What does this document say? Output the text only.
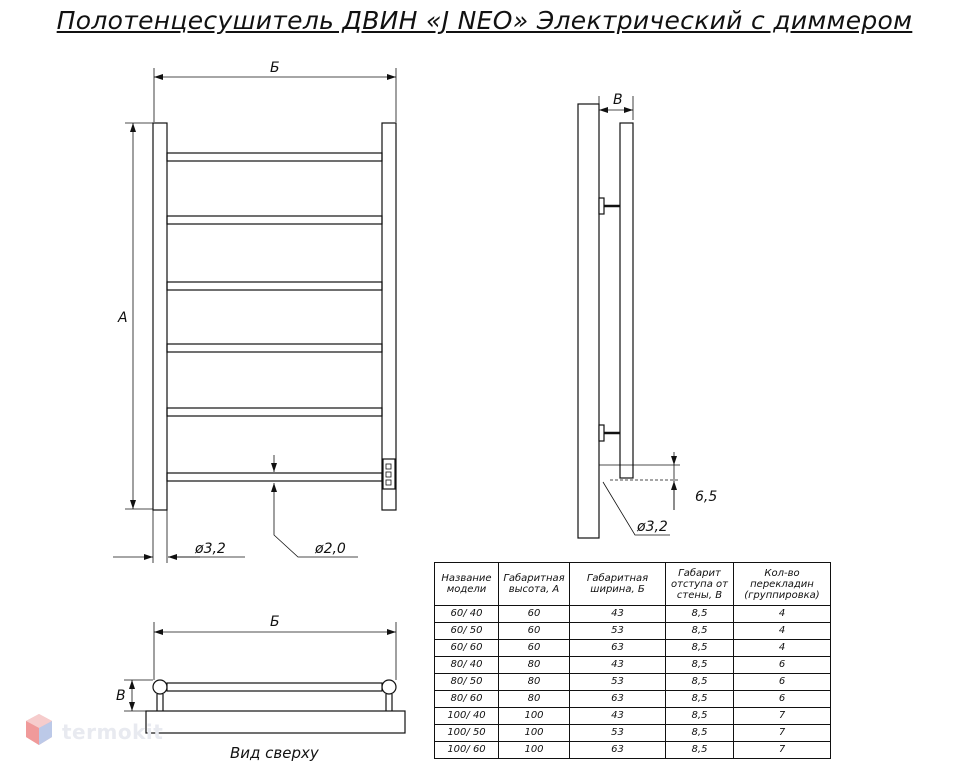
Полотенцесушитель ДВИН «J NEO» Электрический с диммером
Б
А
ø3,2	ø2,0
В
6,5
ø3,2
Б
В
Вид сверху
termokit
Название модели	Габаритная высота, А	Габаритная ширина, Б	Габарит отступа от стены, В	Кол-во перекладин (группировка)
60/ 40	60	43	8,5	4
60/ 50	60	53	8,5	4
60/ 60	60	63	8,5	4
80/ 40	80	43	8,5	6
80/ 50	80	53	8,5	6
80/ 60	80	63	8,5	6
100/ 40	100	43	8,5	7
100/ 50	100	53	8,5	7
100/ 60	100	63	8,5	7
